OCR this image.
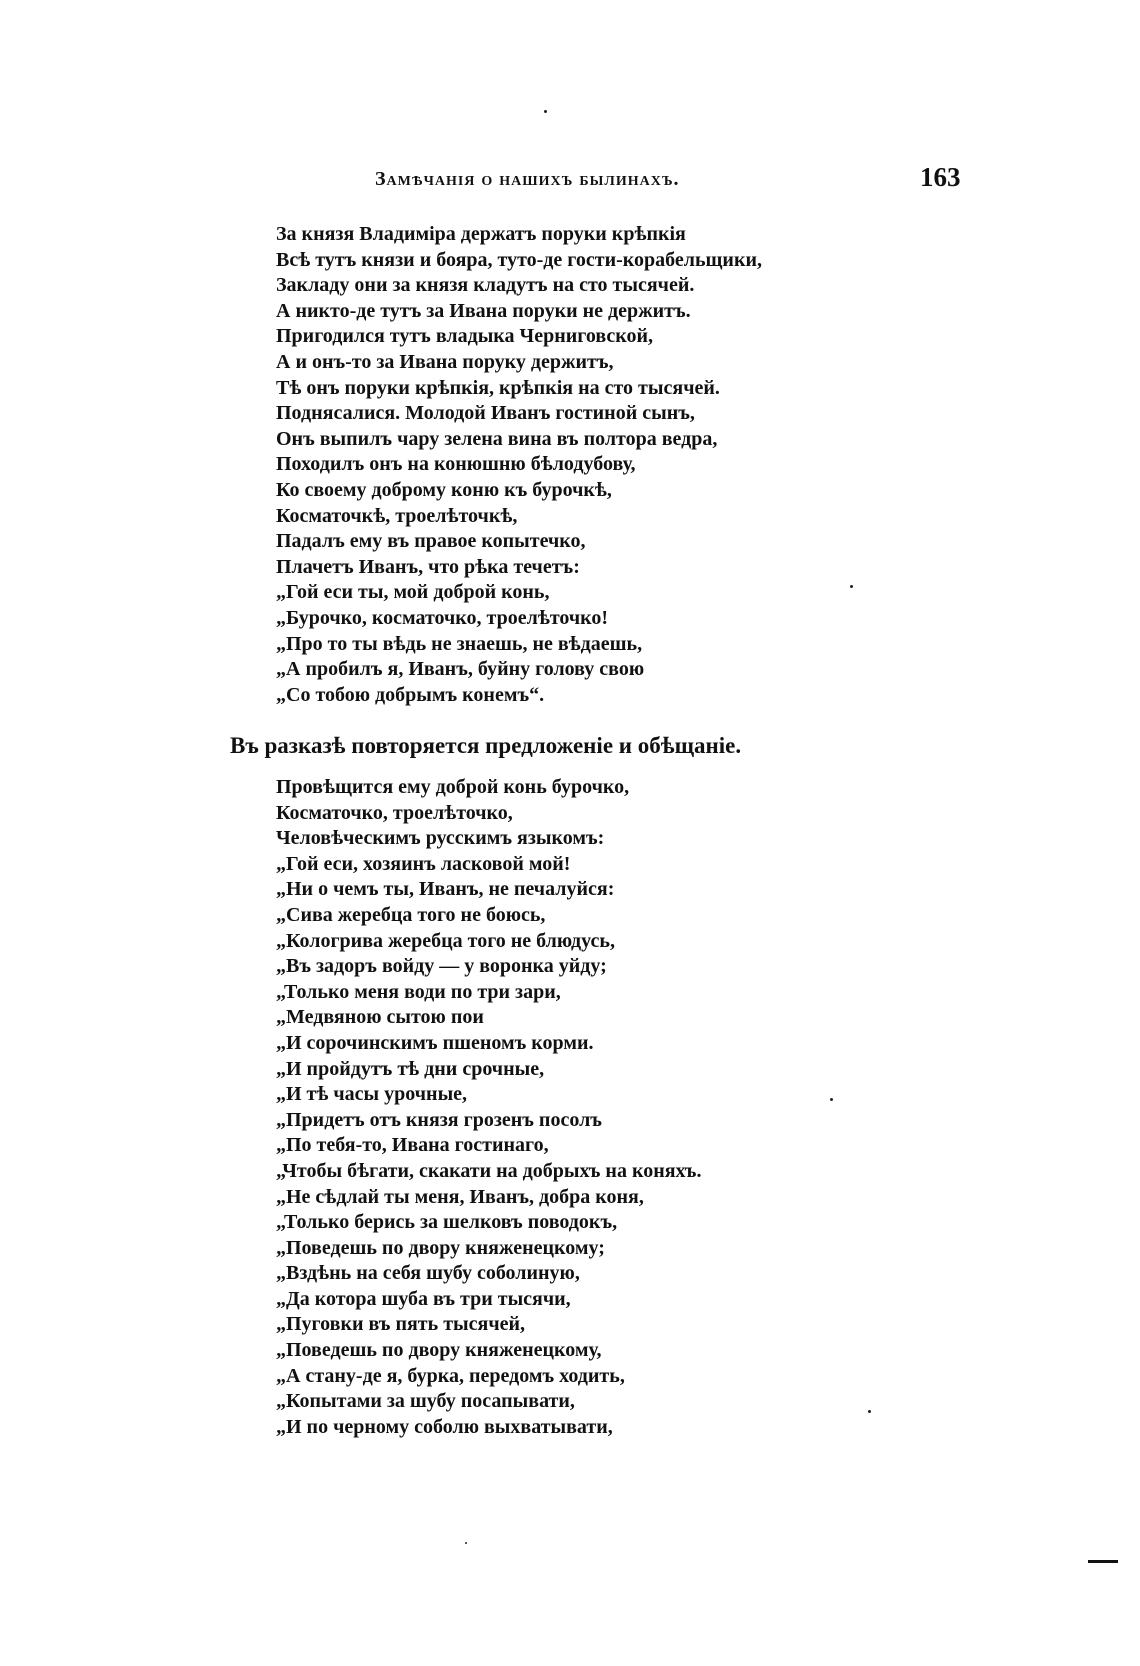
Замѣчанія о нашихъ былинахъ.	163
За князя Владиміра держатъ поруки крѣпкія
Всѣ тутъ князи и бояра, туто-де гости-корабельщики,
Закладу они за князя кладутъ на сто тысячей.
А никто-де тутъ за Ивана поруки не держитъ.
Пригодился тутъ владыка Черниговской,
А и онъ-то за Ивана поруку держитъ,
Тѣ онъ поруки крѣпкія, крѣпкія на сто тысячей.
Поднясалися. Молодой Иванъ гостиной сынъ,
Онъ выпилъ чару зелена вина въ полтора ведра,
Походилъ онъ на конюшню бѣлодубову,
Ко своему доброму коню къ бурочкѣ,
Косматочкѣ, троелѣточкѣ,
Падалъ ему въ правое копытечко,
Плачетъ Иванъ, что рѣка течетъ:
„Гой еси ты, мой доброй конь,
„Бурочко, косматочко, троелѣточко!
„Про то ты вѣдь не знаешь, не вѣдаешь,
„А пробилъ я, Иванъ, буйну голову свою
„Со тобою добрымъ конемъ“.
Въ разказѣ повторяется предложеніе и обѣщаніе.
Провѣщится ему доброй конь бурочко,
Косматочко, троелѣточко,
Человѣческимъ русскимъ языкомъ:
„Гой еси, хозяинъ ласковой мой!
„Ни о чемъ ты, Иванъ, не печалуйся:
„Сива жеребца того не боюсь,
„Кологрива жеребца того не блюдусь,
„Въ задоръ войду — у воронка уйду;
„Только меня води по три зари,
„Медвяною сытою пои
„И сорочинскимъ пшеномъ корми.
„И пройдутъ тѣ дни срочные,
„И тѣ часы урочные,
„Придетъ отъ князя грозенъ посолъ
„По тебя-то, Ивана гостинаго,
„Чтобы бѣгати, скакати на добрыхъ на коняхъ.
„Не сѣдлай ты меня, Иванъ, добра коня,
„Только берись за шелковъ поводокъ,
„Поведешь по двору княженецкому;
„Вздѣнь на себя шубу соболиную,
„Да котора шуба въ три тысячи,
„Пуговки въ пять тысячей,
„Поведешь по двору княженецкому,
„А стану-де я, бурка, передомъ ходить,
„Копытами за шубу посапывати,
„И по черному соболю выхватывати,
